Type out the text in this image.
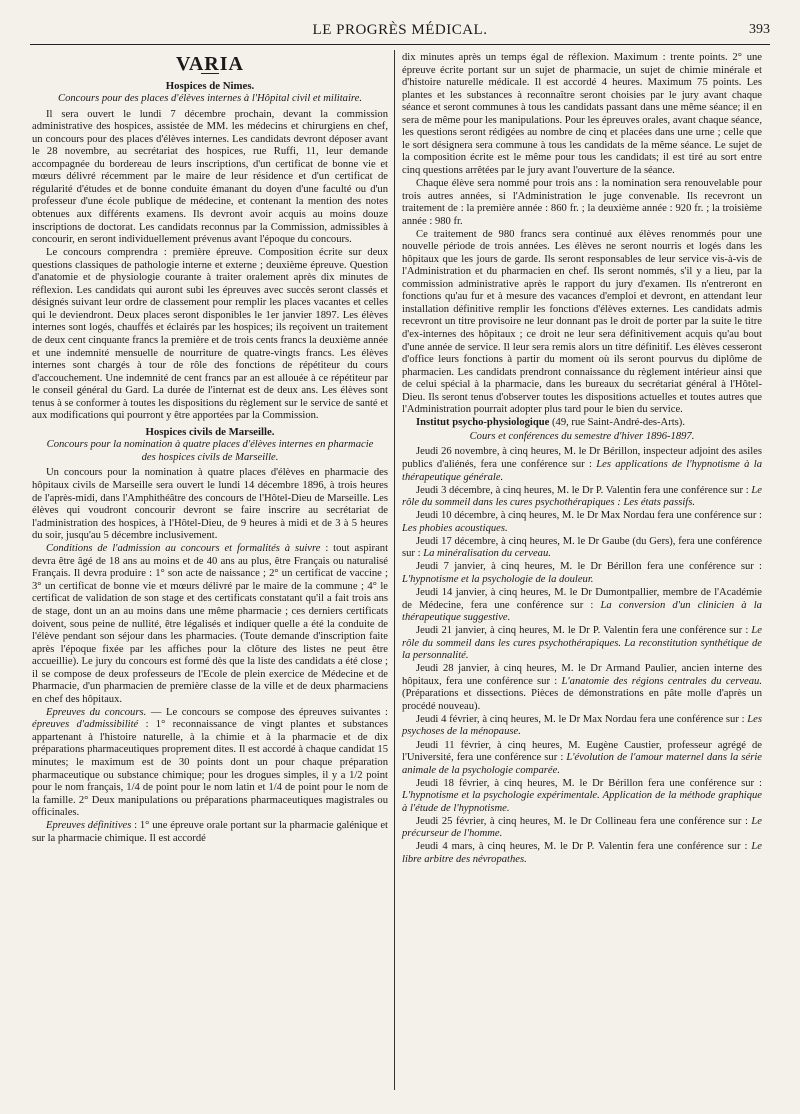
LE PROGRÈS MÉDICAL.	393
VARIA
Hospices de Nimes.
Concours pour des places d'élèves internes à l'Hôpital civil et militaire.

Il sera ouvert le lundi 7 décembre prochain, devant la commission administrative des hospices, assistée de MM. les médecins et chirurgiens en chef, un concours pour des places d'élèves internes. Les candidats devront déposer avant le 28 novembre, au secrétariat des hospices, rue Ruffi, 11, leur demande accompagnée du bordereau de leurs inscriptions, d'un certificat de bonne vie et mœurs délivré récemment par le maire de leur résidence et d'un certificat de régularité d'études et de bonne conduite émanant du doyen d'une faculté ou d'un professeur d'une école publique de médecine, et contenant la mention des notes obtenues aux différents examens. Ils devront avoir acquis au moins douze inscriptions de doctorat. Les candidats reconnus par la Commission, admissibles à concourir, en seront individuellement prévenus avant l'époque du concours.

Le concours comprendra : première épreuve. Composition écrite sur deux questions classiques de pathologie interne et externe ; deuxième épreuve. Question d'anatomie et de physiologie courante à traiter oralement après dix minutes de réflexion. Les candidats qui auront subi les épreuves avec succès seront classés et désignés suivant leur ordre de classement pour remplir les places vacantes et celles qui le deviendront. Deux places seront disponibles le 1er janvier 1897. Les élèves internes sont logés, chauffés et éclairés par les hospices; ils reçoivent un traitement de deux cent cinquante francs la première et de trois cents francs la deuxième année et une indemnité mensuelle de nourriture de quatre-vingts francs. Les élèves internes sont chargés à tour de rôle des fonctions de répétiteur du cours d'accouchement. Une indemnité de cent francs par an est allouée à ce répétiteur par le conseil général du Gard. La durée de l'internat est de deux ans. Les élèves sont tenus à se conformer à toutes les dispositions du règlement sur le service de santé et aux modifications qui pourront y être apportées par la Commission.

Hospices civils de Marseille.
Concours pour la nomination à quatre places d'élèves internes en pharmacie des hospices civils de Marseille.

Un concours pour la nomination à quatre places d'élèves en pharmacie des hôpitaux civils de Marseille sera ouvert le lundi 14 décembre 1896, à trois heures de l'après-midi, dans l'Amphithéâtre des concours de l'Hôtel-Dieu de Marseille. Les élèves qui voudront concourir devront se faire inscrire au secrétariat de l'administration des hospices, à l'Hôtel-Dieu, de 9 heures à midi et de 3 à 5 heures du soir, jusqu'au 5 décembre inclusivement.

Conditions de l'admission au concours et formalités à suivre : tout aspirant devra être âgé de 18 ans au moins et de 40 ans au plus, être Français ou naturalisé Français. Il devra produire : 1° son acte de naissance ; 2° un certificat de vaccine ; 3° un certificat de bonne vie et mœurs délivré par le maire de la commune ; 4° le certificat de validation de son stage et des certificats constatant qu'il a fait trois ans de stage, dont un an au moins dans une même pharmacie ; ces derniers certificats doivent, sous peine de nullité, être légalisés et indiquer quelle a été la conduite de l'élève pendant son séjour dans les pharmacies. (Toute demande d'inscription faite après l'époque fixée par les affiches pour la clôture des listes ne peut être accueillie). Le jury du concours est formé dès que la liste des candidats a été close ; il se compose de deux professeurs de l'Ecole de plein exercice de Médecine et de Pharmacie, d'un pharmacien de première classe de la ville et de deux pharmaciens en chef des hôpitaux.

Epreuves du concours. — Le concours se compose des épreuves suivantes : épreuves d'admissibilité : 1° reconnaissance de vingt plantes et substances appartenant à l'histoire naturelle, à la chimie et à la pharmacie et de dix préparations pharmaceutiques proprement dites. Il est accordé à chaque candidat 15 minutes; le maximum est de 30 points dont un pour chaque préparation pharmaceutique ou substance chimique; pour les drogues simples, il y a 1/2 point pour le nom français, 1/4 de point pour le nom latin et 1/4 de point pour le nom de la famille. 2° Deux manipulations ou préparations pharmaceutiques magistrales ou officinales.

Epreuves définitives : 1° une épreuve orale portant sur la pharmacie galénique et sur la pharmacie chimique. Il est accordé

dix minutes après un temps égal de réflexion. Maximum : trente points. 2° une épreuve écrite portant sur un sujet de pharmacie, un sujet de chimie minérale et d'histoire naturelle médicale. Il est accordé 4 heures. Maximum 75 points. Les plantes et les substances à reconnaître seront choisies par le jury avant chaque séance et seront communes à tous les candidats passant dans une même séance; il en sera de même pour les manipulations. Pour les épreuves orales, avant chaque séance, les questions seront rédigées au nombre de cinq et placées dans une urne ; celle que le sort désignera sera commune à tous les candidats de la même séance. Le sujet de la composition écrite est le même pour tous les candidats; il est tiré au sort entre cinq questions arrêtées par le jury avant l'ouverture de la séance.

Chaque élève sera nommé pour trois ans : la nomination sera renouvelable pour trois autres années, si l'Administration le juge convenable. Ils recevront un traitement de : la première année : 860 fr. ; la deuxième année : 920 fr. ; la troisième année : 980 fr.

Ce traitement de 980 francs sera continué aux élèves renommés pour une nouvelle période de trois années. Les élèves ne seront nourris et logés dans les hôpitaux que les jours de garde. Ils seront responsables de leur service vis-à-vis de l'Administration et du pharmacien en chef. Ils seront nommés, s'il y a lieu, par la commission administrative après le rapport du jury d'examen. Ils n'entreront en fonctions qu'au fur et à mesure des vacances d'emploi et devront, en attendant leur installation définitive remplir les fonctions d'élèves externes. Les candidats admis recevront un titre provisoire ne leur donnant pas le droit de porter par la suite le titre d'ex-internes des hôpitaux ; ce droit ne leur sera définitivement acquis qu'au bout d'une année de service. Il leur sera remis alors un titre définitif. Les élèves cesseront d'office leurs fonctions à partir du moment où ils seront pourvus du diplôme de pharmacien. Les candidats prendront connaissance du règlement intérieur ainsi que de celui spécial à la pharmacie, dans les bureaux du secrétariat général à l'Hôtel-Dieu. Ils seront tenus d'observer toutes les dispositions actuelles et toutes autres que l'Administration pourrait adopter plus tard pour le bien du service.

Institut psycho-physiologique (49, rue Saint-André-des-Arts).

Cours et conférences du semestre d'hiver 1896-1897.

Jeudi 26 novembre, à cinq heures, M. le Dr Bérillon, inspecteur adjoint des asiles publics d'aliénés, fera une conférence sur : Les applications de l'hypnotisme à la thérapeutique générale.

Jeudi 3 décembre, à cinq heures, M. le Dr P. Valentin fera une conférence sur : Le rôle du sommeil dans les cures psychothérapiques : Les états passifs.

Jeudi 10 décembre, à cinq heures, M. le Dr Max Nordau fera une conférence sur : Les phobies acoustiques.

Jeudi 17 décembre, à cinq heures, M. le Dr Gaube (du Gers), fera une conférence sur : La minéralisation du cerveau.

Jeudi 7 janvier, à cinq heures, M. le Dr Bérillon fera une conférence sur : L'hypnotisme et la psychologie de la douleur.

Jeudi 14 janvier, à cinq heures, M. le Dr Dumontpallier, membre de l'Académie de Médecine, fera une conférence sur : La conversion d'un clinicien à la thérapeutique suggestive.

Jeudi 21 janvier, à cinq heures, M. le Dr P. Valentin fera une conférence sur : Le rôle du sommeil dans les cures psychothérapiques. La reconstitution synthétique de la personnalité.

Jeudi 28 janvier, à cinq heures, M. le Dr Armand Paulier, ancien interne des hôpitaux, fera une conférence sur : L'anatomie des régions centrales du cerveau. (Préparations et dissections. Pièces de démonstrations en pâte molle d'après un procédé nouveau).

Jeudi 4 février, à cinq heures, M. le Dr Max Nordau fera une conférence sur : Les psychoses de la ménopause.

Jeudi 11 février, à cinq heures, M. Eugène Caustier, professeur agrégé de l'Université, fera une conférence sur : L'évolution de l'amour maternel dans la série animale de la psychologie comparée.

Jeudi 18 février, à cinq heures, M. le Dr Bérillon fera une conférence sur : L'hypnotisme et la psychologie expérimentale. Application de la méthode graphique à l'étude de l'hypnotisme.

Jeudi 25 février, à cinq heures, M. le Dr Collineau fera une conférence sur : Le précurseur de l'homme.

Jeudi 4 mars, à cinq heures, M. le Dr P. Valentin fera une conférence sur : Le libre arbitre des névropathes.
